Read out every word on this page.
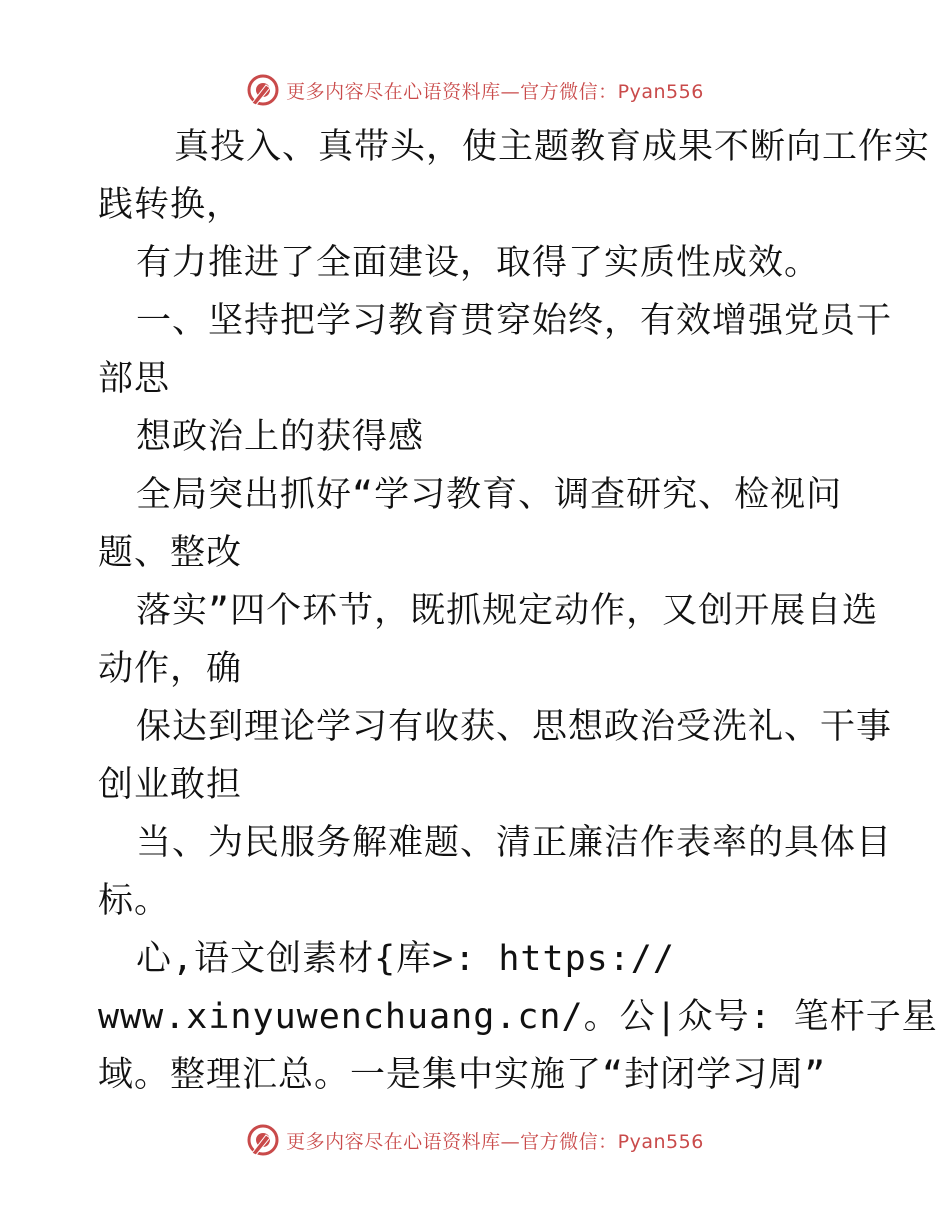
更多内容尽在心语资料库—官方微信：Pyan556
真投入、真带头，使主题教育成果不断向工作实
践转换，
有力推进了全面建设，取得了实质性成效。
一、坚持把学习教育贯穿始终，有效增强党员干
部思
想政治上的获得感
全局突出抓好“学习教育、调查研究、检视问
题、整改
落实”四个环节，既抓规定动作，又创开展自选
动作，确
保达到理论学习有收获、思想政治受洗礼、干事
创业敢担
当、为民服务解难题、清正廉洁作表率的具体目
标。
心,语文创素材{库>: https://
www.xinyuwenchuang.cn/。公|众号: 笔杆子星
域。整理汇总。一是集中实施了“封闭学习周”
更多内容尽在心语资料库—官方微信：Pyan556
